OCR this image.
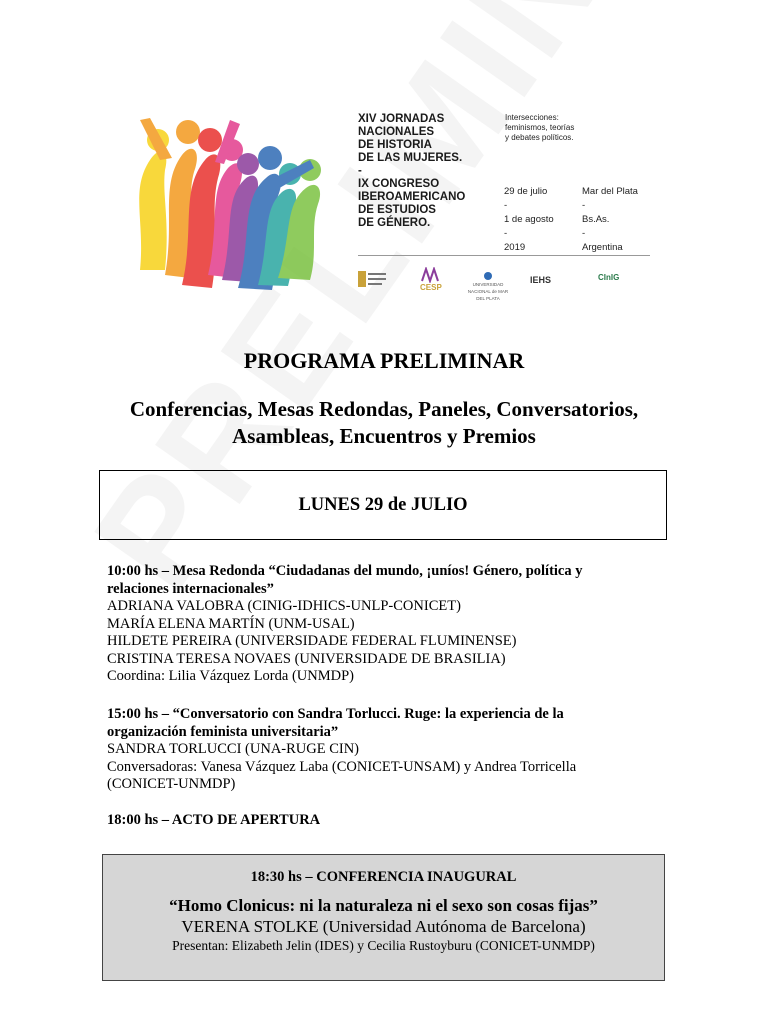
XIV JORNADAS
NACIONALES
DE HISTORIA
DE LAS MUJERES.
-
IX CONGRESO
IBEROAMERICANO
DE ESTUDIOS
DE GÉNERO.
Intersecciones:
feminismos, teorías
y debates políticos.
29 de julio
-
1 de agosto
-
2019
Mar del Plata
-
Bs.As.
-
Argentina
CESP	UNIVERSIDAD NACIONAL de MAR DEL PLATA
IEHS	CInIG
PROGRAMA PRELIMINAR
Conferencias, Mesas Redondas, Paneles, Conversatorios,
Asambleas, Encuentros y Premios
LUNES 29 de JULIO
10:00 hs – Mesa Redonda “Ciudadanas del mundo, ¡uníos! Género, política y
relaciones internacionales”
ADRIANA VALOBRA (CINIG-IDHICS-UNLP-CONICET)
MARÍA ELENA MARTÍN (UNM-USAL)
HILDETE PEREIRA (UNIVERSIDADE FEDERAL FLUMINENSE)
CRISTINA TERESA NOVAES (UNIVERSIDADE DE BRASILIA)
Coordina: Lilia Vázquez Lorda (UNMDP)
15:00 hs – “Conversatorio con Sandra Torlucci. Ruge: la experiencia de la
organización feminista universitaria”
SANDRA TORLUCCI (UNA-RUGE CIN)
Conversadoras: Vanesa Vázquez Laba (CONICET-UNSAM) y Andrea Torricella
(CONICET-UNMDP)
18:00 hs – ACTO DE APERTURA
18:30 hs – CONFERENCIA INAUGURAL
“Homo Clonicus: ni la naturaleza ni el sexo son cosas fijas”
VERENA STOLKE (Universidad Autónoma de Barcelona)
Presentan: Elizabeth Jelin (IDES) y Cecilia Rustoyburu (CONICET-UNMDP)
